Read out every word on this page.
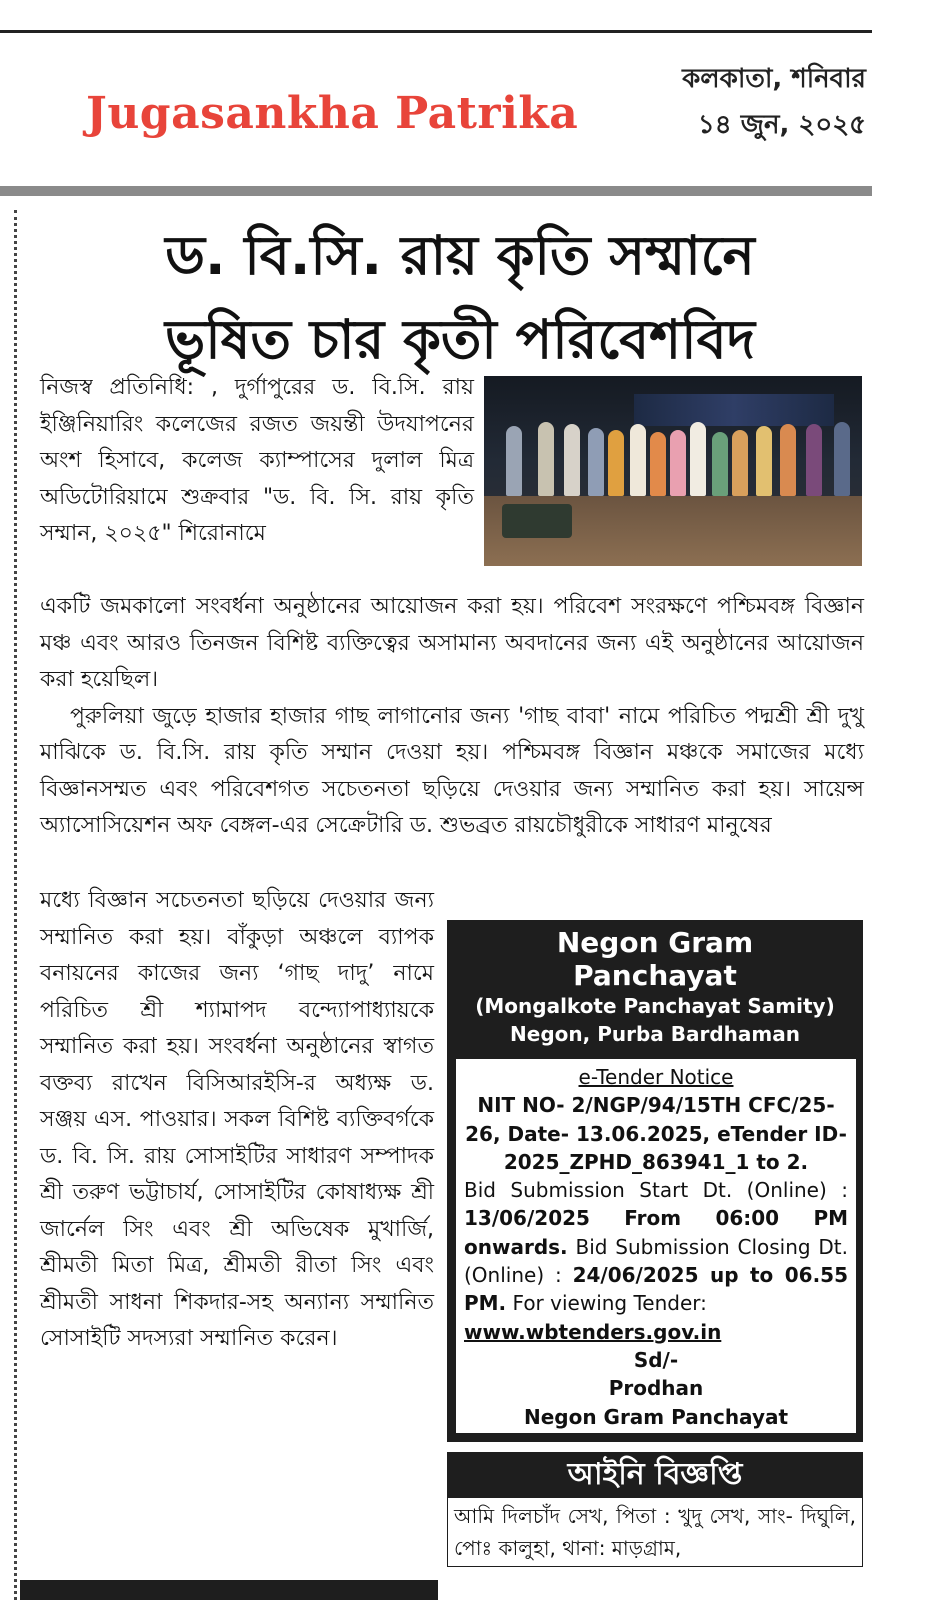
Jugasankha Patrika
কলকাতা, শনিবার
১৪ জুন, ২০২৫
ড. বি.সি. রায় কৃতি সম্মানে
ভূষিত চার কৃতী পরিবেশবিদ

নিজস্ব প্রতিনিধি: , দুর্গাপুরের ড. বি.সি. রায় ইঞ্জিনিয়ারিং কলেজের রজত জয়ন্তী উদযাপনের অংশ হিসাবে, কলেজ ক্যাম্পাসের দুলাল মিত্র অডিটোরিয়ামে শুক্রবার "ড. বি. সি. রায় কৃতি সম্মান, ২০২৫" শিরোনামে

একটি জমকালো সংবর্ধনা অনুষ্ঠানের আয়োজন করা হয়। পরিবেশ সংরক্ষণে পশ্চিমবঙ্গ বিজ্ঞান মঞ্চ এবং আরও তিনজন বিশিষ্ট ব্যক্তিত্বের অসামান্য অবদানের জন্য এই অনুষ্ঠানের আয়োজন করা হয়েছিল।

পুরুলিয়া জুড়ে হাজার হাজার গাছ লাগানোর জন্য 'গাছ বাবা' নামে পরিচিত পদ্মশ্রী শ্রী দুখু মাঝিকে ড. বি.সি. রায় কৃতি সম্মান দেওয়া হয়। পশ্চিমবঙ্গ বিজ্ঞান মঞ্চকে সমাজের মধ্যে বিজ্ঞানসম্মত এবং পরিবেশগত সচেতনতা ছড়িয়ে দেওয়ার জন্য সম্মানিত করা হয়। সায়েন্স অ্যাসোসিয়েশন অফ বেঙ্গল-এর সেক্রেটারি ড. শুভব্রত রায়চৌধুরীকে সাধারণ মানুষের

মধ্যে বিজ্ঞান সচেতনতা ছড়িয়ে দেওয়ার জন্য সম্মানিত করা হয়। বাঁকুড়া অঞ্চলে ব্যাপক বনায়নের কাজের জন্য ‘গাছ দাদু’ নামে পরিচিত শ্রী শ্যামাপদ বন্দ্যোপাধ্যায়কে সম্মানিত করা হয়। সংবর্ধনা অনুষ্ঠানের স্বাগত বক্তব্য রাখেন বিসিআরইসি-র অধ্যক্ষ ড. সঞ্জয় এস. পাওয়ার। সকল বিশিষ্ট ব্যক্তিবর্গকে ড. বি. সি. রায় সোসাইটির সাধারণ সম্পাদক শ্রী তরুণ ভট্টাচার্য, সোসাইটির কোষাধ্যক্ষ শ্রী জার্নেল সিং এবং শ্রী অভিষেক মুখার্জি, শ্রীমতী মিতা মিত্র, শ্রীমতী রীতা সিং এবং শ্রীমতী সাধনা শিকদার-সহ অন্যান্য সম্মানিত সোসাইটি সদস্যরা সম্মানিত করেন।

Negon Gram
Panchayat
(Mongalkote Panchayat Samity)
Negon, Purba Bardhaman
e-Tender Notice
NIT NO- 2/NGP/94/15TH CFC/25-26, Date- 13.06.2025, eTender ID- 2025_ZPHD_863941_1 to 2.
Bid Submission Start Dt. (Online) : 13/06/2025 From 06:00 PM onwards. Bid Submission Closing Dt. (Online) : 24/06/2025 up to 06.55 PM. For viewing Tender:
www.wbtenders.gov.in
Sd/-
Prodhan
Negon Gram Panchayat
আইনি বিজ্ঞপ্তি
আমি দিলচাঁদ সেখ, পিতা : খুদু সেখ, সাং- দিঘুলি, পোঃ কালুহা, থানা: মাড়গ্রাম,
